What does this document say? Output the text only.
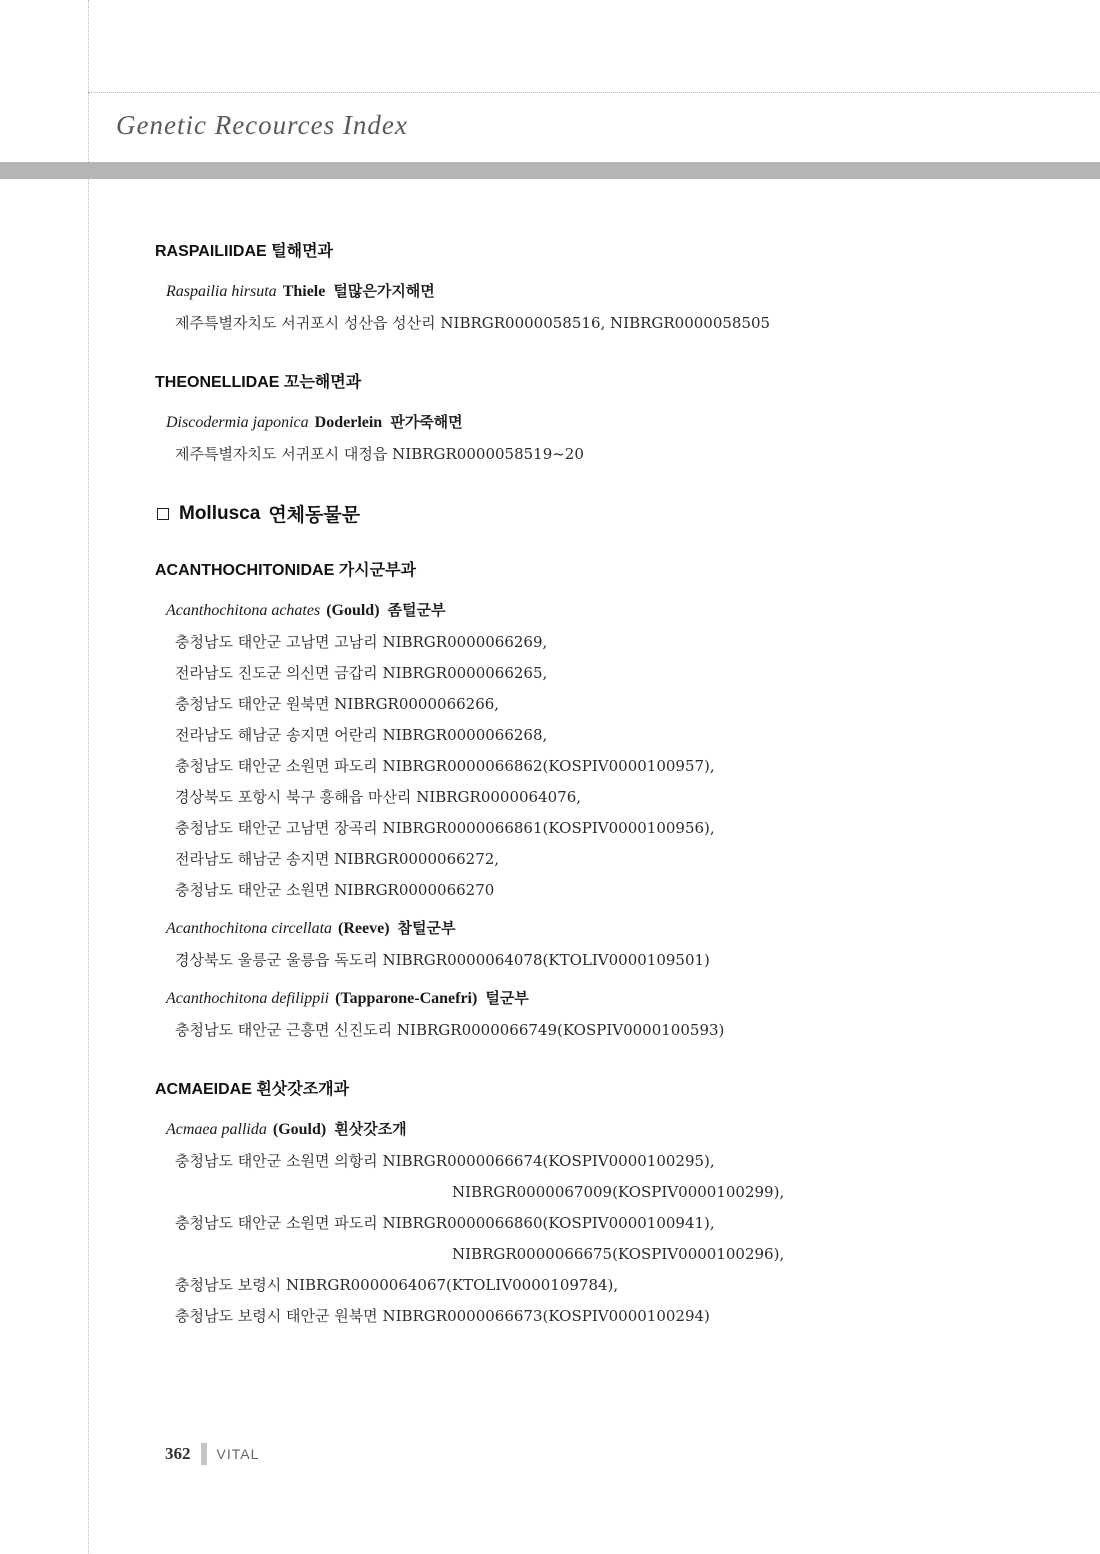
Genetic Recources Index
RASPAILIIDAE 털해면과
Raspailia hirsuta Thiele 털많은가지해면
제주특별자치도 서귀포시 성산읍 성산리 NIBRGR0000058516, NIBRGR0000058505
THEONELLIDAE 꼬는해면과
Discodermia japonica Doderlein 판가죽해면
제주특별자치도 서귀포시 대정읍 NIBRGR0000058519~20
Mollusca 연체동물문
ACANTHOCHITONIDAE 가시군부과
Acanthochitona achates (Gould) 좀털군부
충청남도 태안군 고남면 고남리 NIBRGR0000066269,
전라남도 진도군 의신면 금갑리 NIBRGR0000066265,
충청남도 태안군 원북면 NIBRGR0000066266,
전라남도 해남군 송지면 어란리 NIBRGR0000066268,
충청남도 태안군 소원면 파도리 NIBRGR0000066862(KOSPIV0000100957),
경상북도 포항시 북구 흥해읍 마산리 NIBRGR0000064076,
충청남도 태안군 고남면 장곡리 NIBRGR0000066861(KOSPIV0000100956),
전라남도 해남군 송지면 NIBRGR0000066272,
충청남도 태안군 소원면 NIBRGR0000066270
Acanthochitona circellata (Reeve) 참털군부
경상북도 울릉군 울릉읍 독도리 NIBRGR0000064078(KTOLIV0000109501)
Acanthochitona defilippii (Tapparone-Canefri) 털군부
충청남도 태안군 근흥면 신진도리 NIBRGR0000066749(KOSPIV0000100593)
ACMAEIDAE 흰삿갓조개과
Acmaea pallida (Gould) 흰삿갓조개
충청남도 태안군 소원면 의항리 NIBRGR0000066674(KOSPIV0000100295),
NIBRGR0000067009(KOSPIV0000100299),
충청남도 태안군 소원면 파도리 NIBRGR0000066860(KOSPIV0000100941),
NIBRGR0000066675(KOSPIV0000100296),
충청남도 보령시 NIBRGR0000064067(KTOLIV0000109784),
충청남도 보령시 태안군 원북면 NIBRGR0000066673(KOSPIV0000100294)
362 VITAL
